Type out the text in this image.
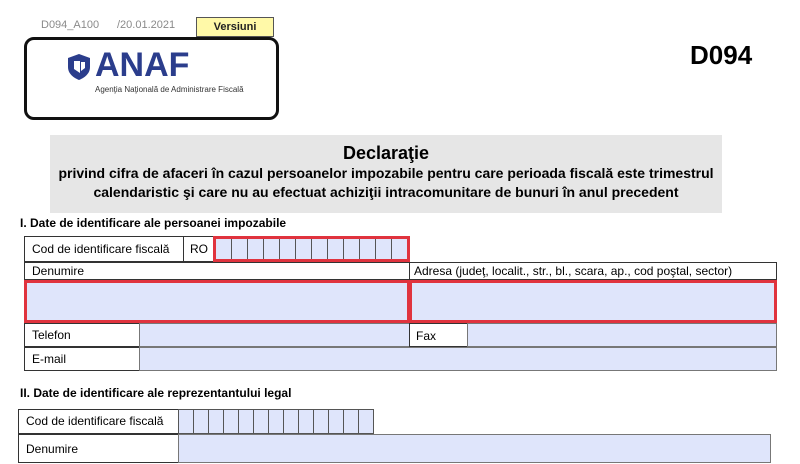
D094_A100 /20.01.2021	Versiuni
ANAF
Agenţia Naţională de Administrare Fiscală
D094
Declaraţie
privind cifra de afaceri în cazul persoanelor impozabile pentru care perioada fiscală este trimestrul
calendaristic şi care nu au efectuat achiziţii intracomunitare de bunuri în anul precedent
I. Date de identificare ale persoanei impozabile
Cod de identificare fiscală	RO
Denumire	Adresa (judeţ, localit., str., bl., scara, ap., cod poştal, sector)
Telefon	Fax
E-mail
II. Date de identificare ale reprezentantului legal
Cod de identificare fiscală
Denumire
